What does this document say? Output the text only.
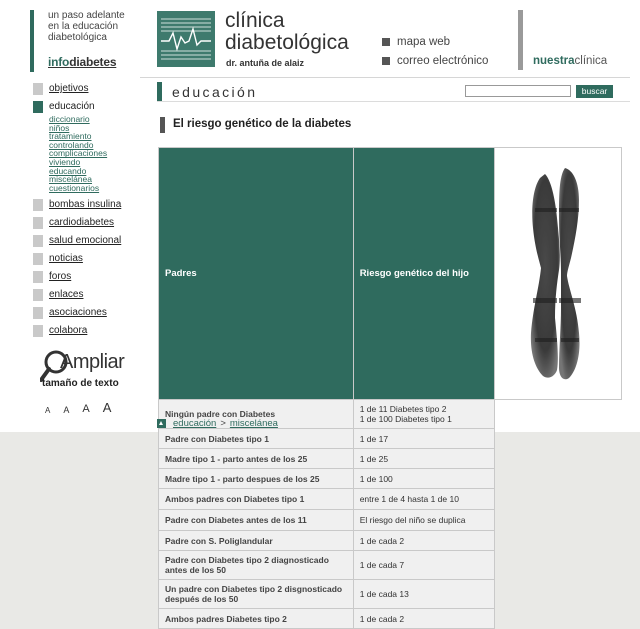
un paso adelante
en la educación
diabetológica
infodiabetes
clínica
diabetológica
dr. antuña de alaiz
mapa web
correo electrónico	nuestraclínica
objetivos
educación
diccionario
niños
tratamiento
controlando
complicaciones
viviendo
educando
miscelánea
cuestionarios
bombas insulina
cardiodiabetes
salud emocional
noticias
foros
enlaces
asociaciones
colabora
Ampliar
tamaño de texto
A A A A
educación	buscar
El riesgo genético de la diabetes
Padres	Riesgo genético del hijo	
Ningún padre con Diabetes	1 de 11 Diabetes tipo 2
1 de 100 Diabetes tipo 1	

Padre con Diabetes tipo 1	1 de 17	
Madre tipo 1 - parto antes de los 25	1 de 25	
Madre tipo 1 - parto despues de los 25	1 de 100	
Ambos padres con Diabetes tipo 1	entre 1 de 4 hasta 1 de 10	
Padre con Diabetes antes de los 11	El riesgo del niño se duplica	
Padre con S. Poliglandular	1 de cada 2	
Padre con Diabetes tipo 2 diagnosticado antes de los 50	1 de cada 7	
Un padre con Diabetes tipo 2 disgnosticado después de los 50	1 de cada 13	
Ambos padres Diabetes tipo 2	1 de cada 2	
educación > miscelánea
